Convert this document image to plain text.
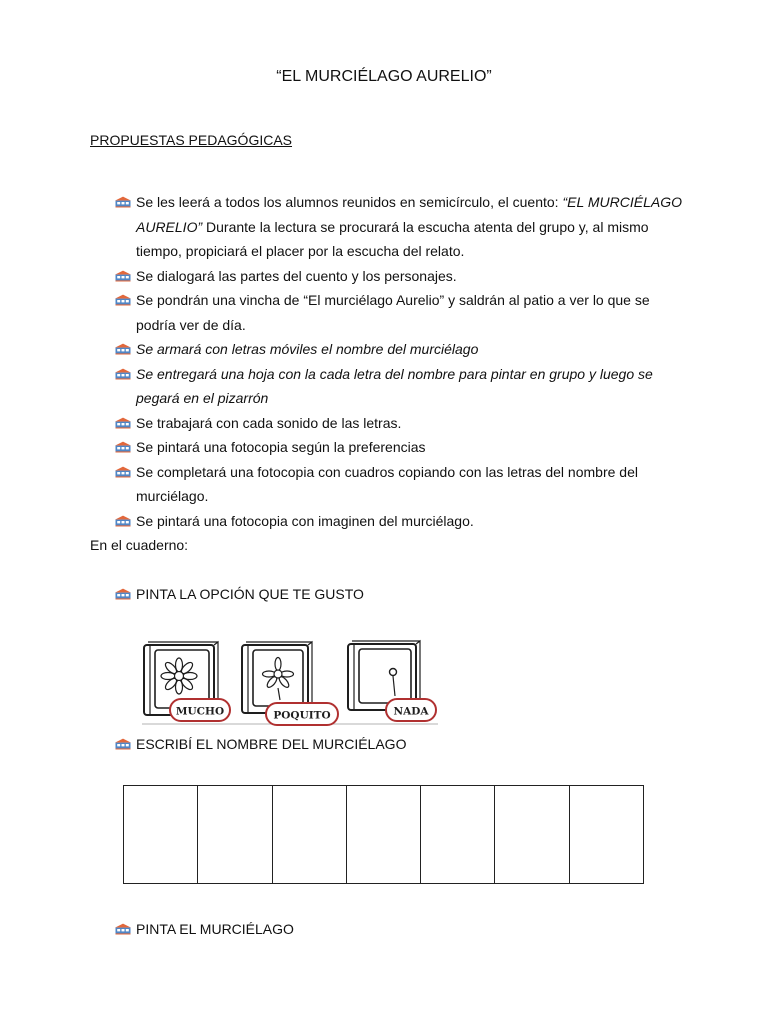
“EL MURCIÉLAGO AURELIO”
PROPUESTAS PEDAGÓGICAS
Se les leerá a todos los alumnos reunidos en semicírculo, el cuento: “EL MURCIÉLAGO AURELIO” Durante la lectura se procurará la escucha atenta del grupo y, al mismo tiempo, propiciará el placer por la escucha del relato.
Se dialogará las partes del cuento y los personajes.
Se pondrán una vincha de “El murciélago Aurelio” y saldrán al patio a ver lo que se podría ver de día.
Se armará con letras móviles el nombre del murciélago
Se entregará una hoja con la cada letra del nombre para pintar en grupo y luego se pegará en el pizarrón
Se trabajará con cada sonido de las letras.
Se pintará una fotocopia según la preferencias
Se completará una fotocopia con cuadros copiando con las letras del nombre del murciélago.
Se pintará una fotocopia con imaginen del murciélago.
En el cuaderno:
PINTA LA OPCIÓN QUE TE GUSTO
MUCHO	POQUITO	NADA
ESCRIBÍ EL NOMBRE DEL MURCIÉLAGO

PINTA EL MURCIÉLAGO
